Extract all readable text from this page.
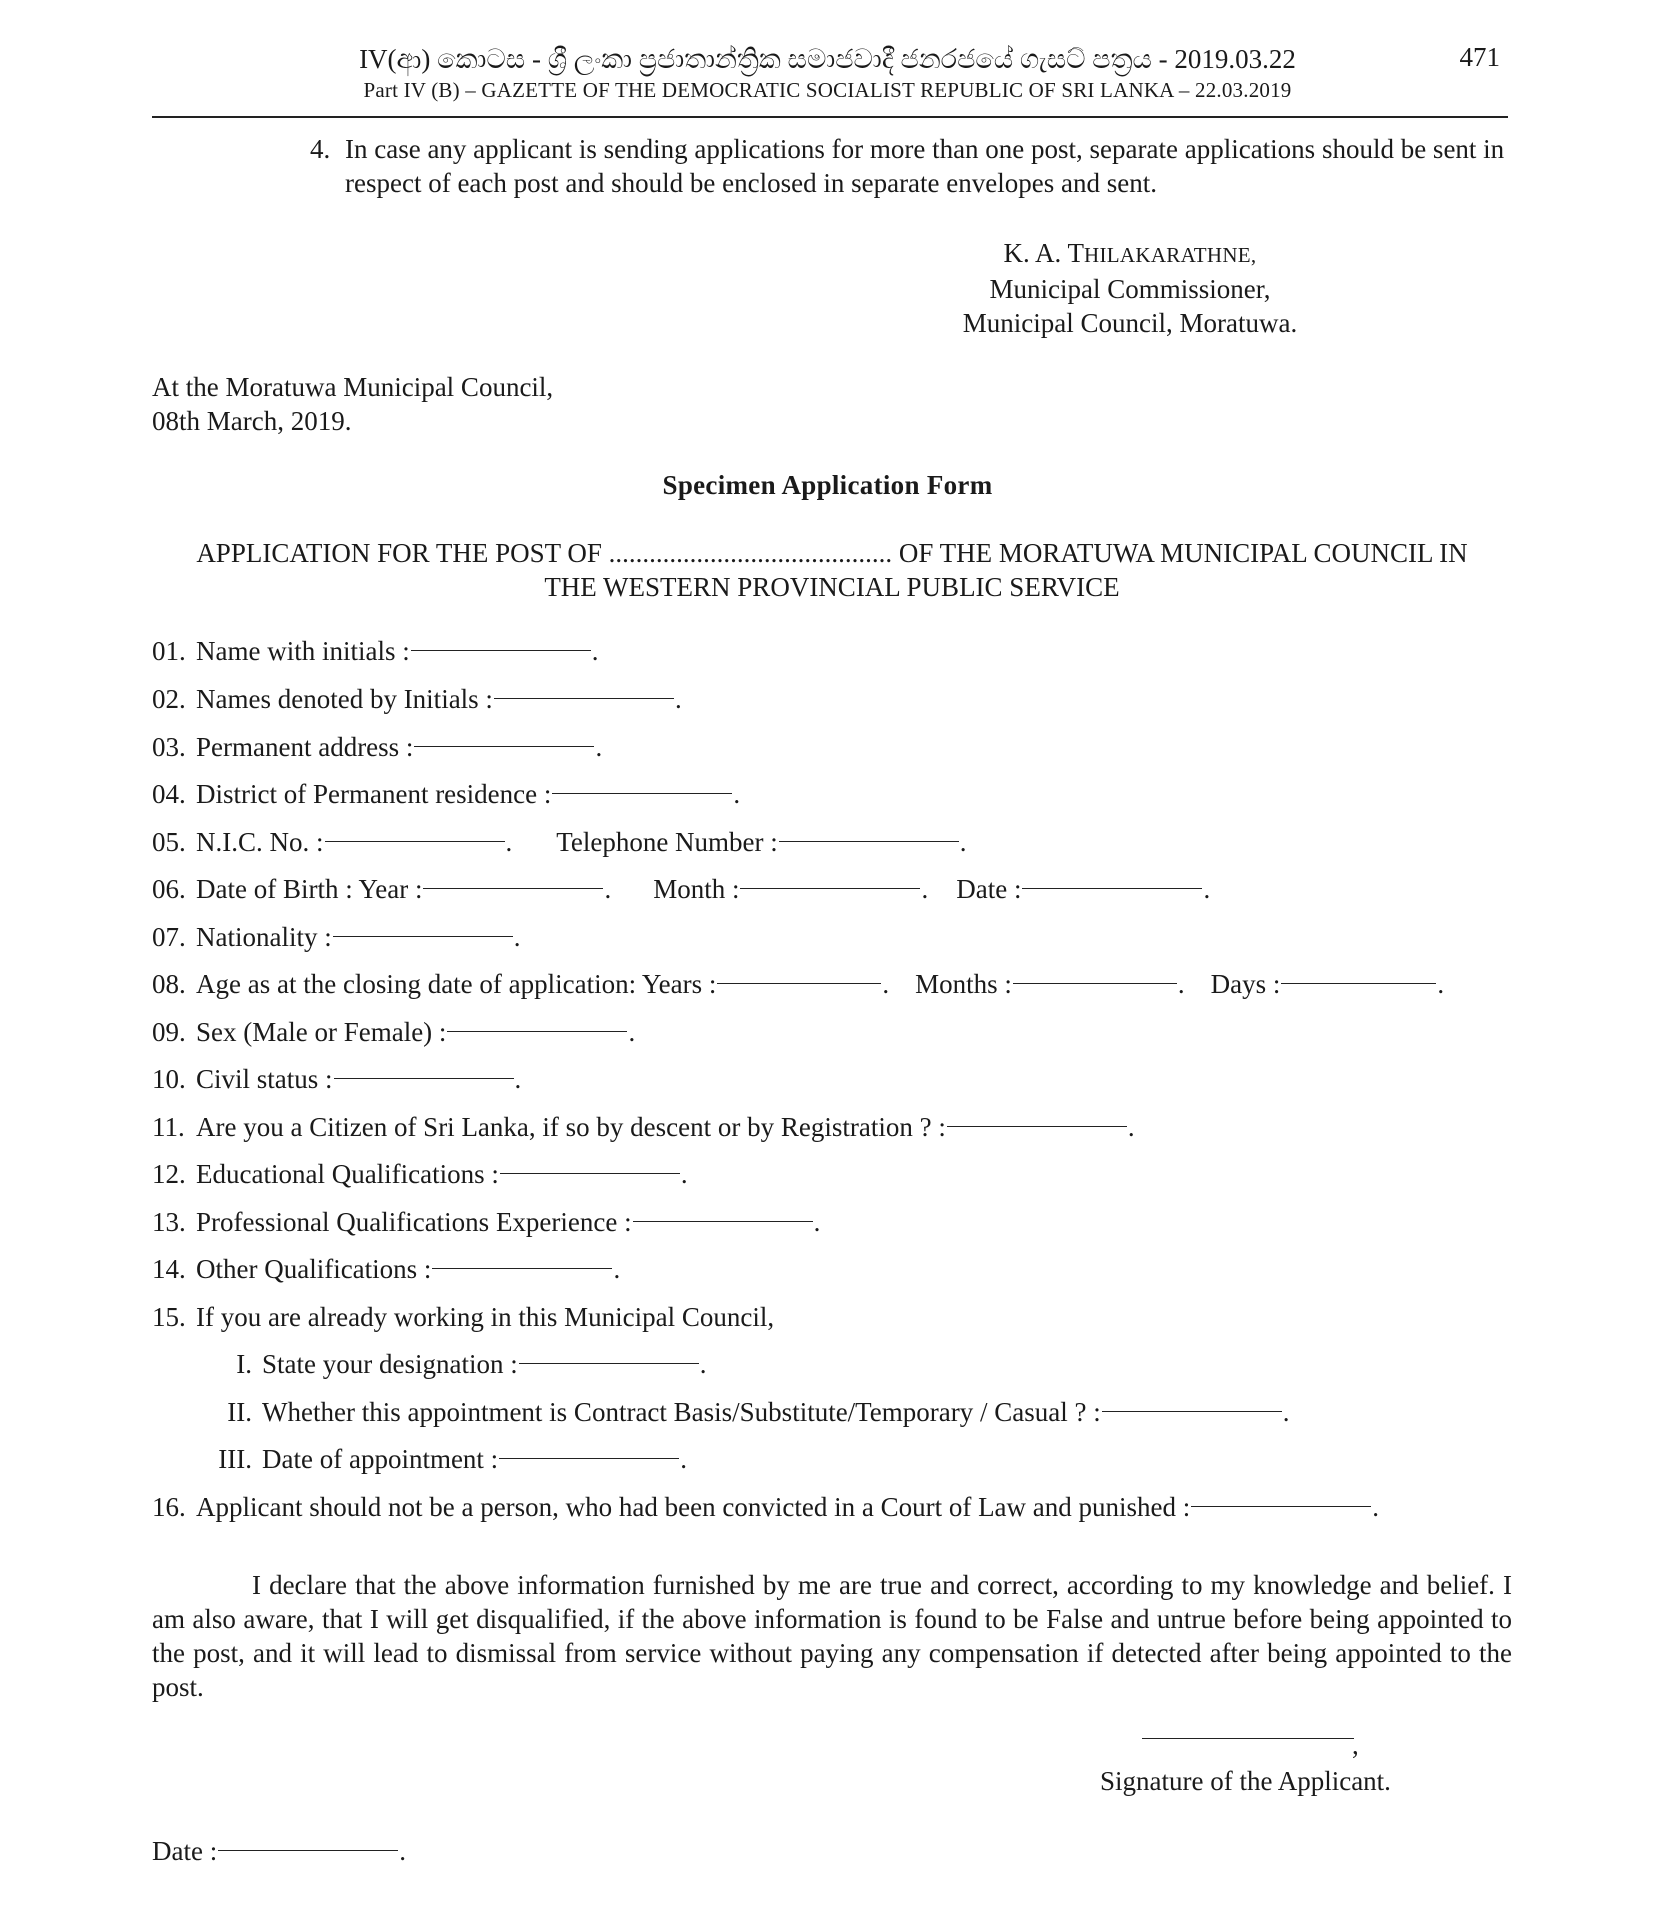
IV(ආ) කොටස - ශ්‍රී ලංකා ප්‍රජාතාන්ත්‍රික සමාජවාදී ජනරජයේ ගැසට් පත්‍රය - 2019.03.22
Part IV (B) – GAZETTE OF THE DEMOCRATIC SOCIALIST REPUBLIC OF SRI LANKA – 22.03.2019
471
4. In case any applicant is sending applications for more than one post, separate applications should be sent in respect of each post and should be enclosed in separate envelopes and sent.
K. A. THILAKARATHNE,
Municipal Commissioner,
Municipal Council, Moratuwa.
At the Moratuwa Municipal Council,
08th March, 2019.
Specimen Application Form
APPLICATION FOR THE POST OF .......................................... OF THE MORATUWA MUNICIPAL COUNCIL IN
THE WESTERN PROVINCIAL PUBLIC SERVICE
01. Name with initials :	.
02. Names denoted by Initials :	.
03. Permanent address :	.
04. District of Permanent residence :	.
05. N.I.C. No. :	. Telephone Number :	.
06. Date of Birth : Year :	. Month :	. Date :	.
07. Nationality :	.
08. Age as at the closing date of application: Years :	. Months :	. Days :	.
09. Sex (Male or Female) :	.
10. Civil status :	.
11. Are you a Citizen of Sri Lanka, if so by descent or by Registration ? :	.
12. Educational Qualifications :	.
13. Professional Qualifications Experience :	.
14. Other Qualifications :	.
15. If you are already working in this Municipal Council,
I. State your designation :	.
II. Whether this appointment is Contract Basis/Substitute/Temporary / Casual ? :	.
III. Date of appointment :	.
16. Applicant should not be a person, who had been convicted in a Court of Law and punished :	.
I declare that the above information furnished by me are true and correct, according to my knowledge and belief. I am also aware, that I will get disqualified, if the above information is found to be False and untrue before being appointed to the post, and it will lead to dismissal from service without paying any compensation if detected after being appointed to the post.
,
Signature of the Applicant.
Date :	.
